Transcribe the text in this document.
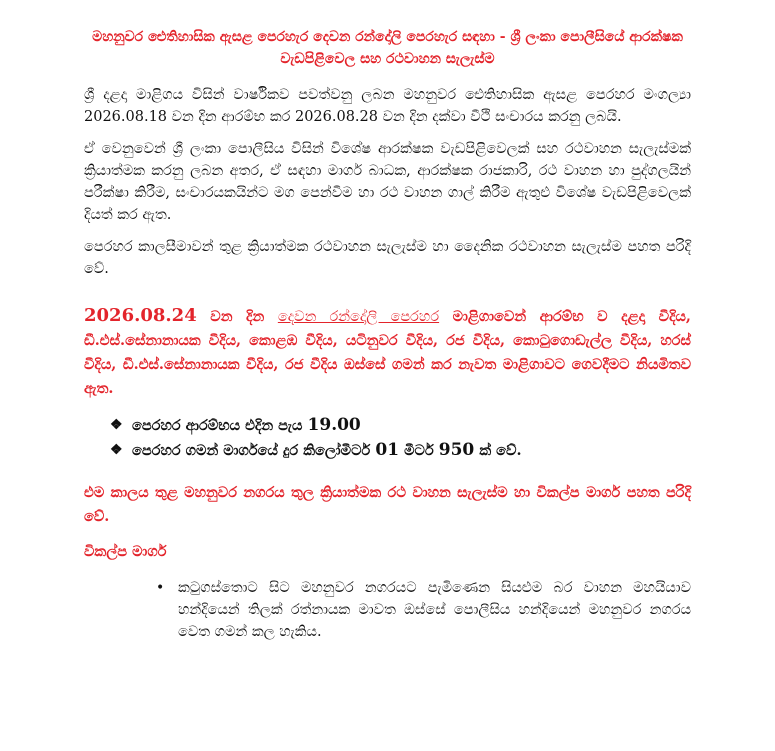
මහනුවර ඓතිහාසික ඇසළ පෙරහැර දෙවන රන්දෝලි පෙරහැර සඳහා - ශ්‍රී ලංකා පොලීසියේ ආරක්ෂක වැඩපිළිවෙල සහ රථවාහන සැලැස්ම

ශ්‍රී දළදා මාළිගය විසින් වාර්ෂිකව පවත්වනු ලබන මහනුවර ඓතිහාසික ඇසළ පෙරහර මංගල්‍යා 2026.08.18 වන දින ආරම්භ කර 2026.08.28 වන දින දක්වා වීථි සංචාරය කරනු ලබයි.

ඒ වෙනුවෙන් ශ්‍රී ලංකා පොලීසිය විසින් විශේෂ ආරක්ෂක වැඩපිළිවෙලක් සහ රථවාහන සැලැස්මක් ක්‍රියාත්මක කරනු ලබන අතර, ඒ සඳහා මාර්ග බාධක, ආරක්ෂක රාජකාරි, රථ වාහන හා පුද්ගලයින් පරීක්ෂා කිරීම, සංචාරයකයින්ට මග පෙන්වීම හා රථ වාහන ගාල් කිරීම ඇතුළු විශේෂ වැඩපිළිවෙලක් දියත් කර ඇත.

පෙරහර කාලසීමාවන් තුළ ක්‍රියාත්මක රථවාහන සැලැස්ම හා දෛනික රථවාහන සැලැස්ම පහත පරිදි වේ.

2026.08.24 වන දින දෙවන රන්දෝලි පෙරහර මාළිගාවෙන් ආරම්භ ව දළදා වීදිය, ඩී.එස්.සේනානායක වීදිය, කොළඹ වීදිය, යටිනුවර වීදිය, රජ වීදිය, කොටුගොඩැල්ල වීදිය, හරස් වීදිය, ඩී.එස්.සේනානායක වීදිය, රජ වීදිය ඔස්සේ ගමන් කර නැවත මාළිගාවට ගෙවදීමට නියමිතව ඇත.

❖ පෙරහර ආරම්භය එදින පැය 19.00
❖ පෙරහර ගමන් මාර්ගයේ දුර කිලෝමීටර් 01 මීටර් 950 ක් වේ.

එම කාලය තුළ මහනුවර නගරය තුල ක්‍රියාත්මක රථ වාහන සැලැස්ම හා විකල්ප මාර්ග පහත පරිදි වේ.

විකල්ප මාර්ග
• කටුගස්තොට සිට මහනුවර නගරයට පැමිණෙන සියළුම බර වාහන මහයියාව හන්දියෙන් තිලක් රත්නායක මාවත ඔස්සේ පොලීසිය හන්දියෙන් මහනුවර නගරය වෙත ගමන් කල හැකිය.
